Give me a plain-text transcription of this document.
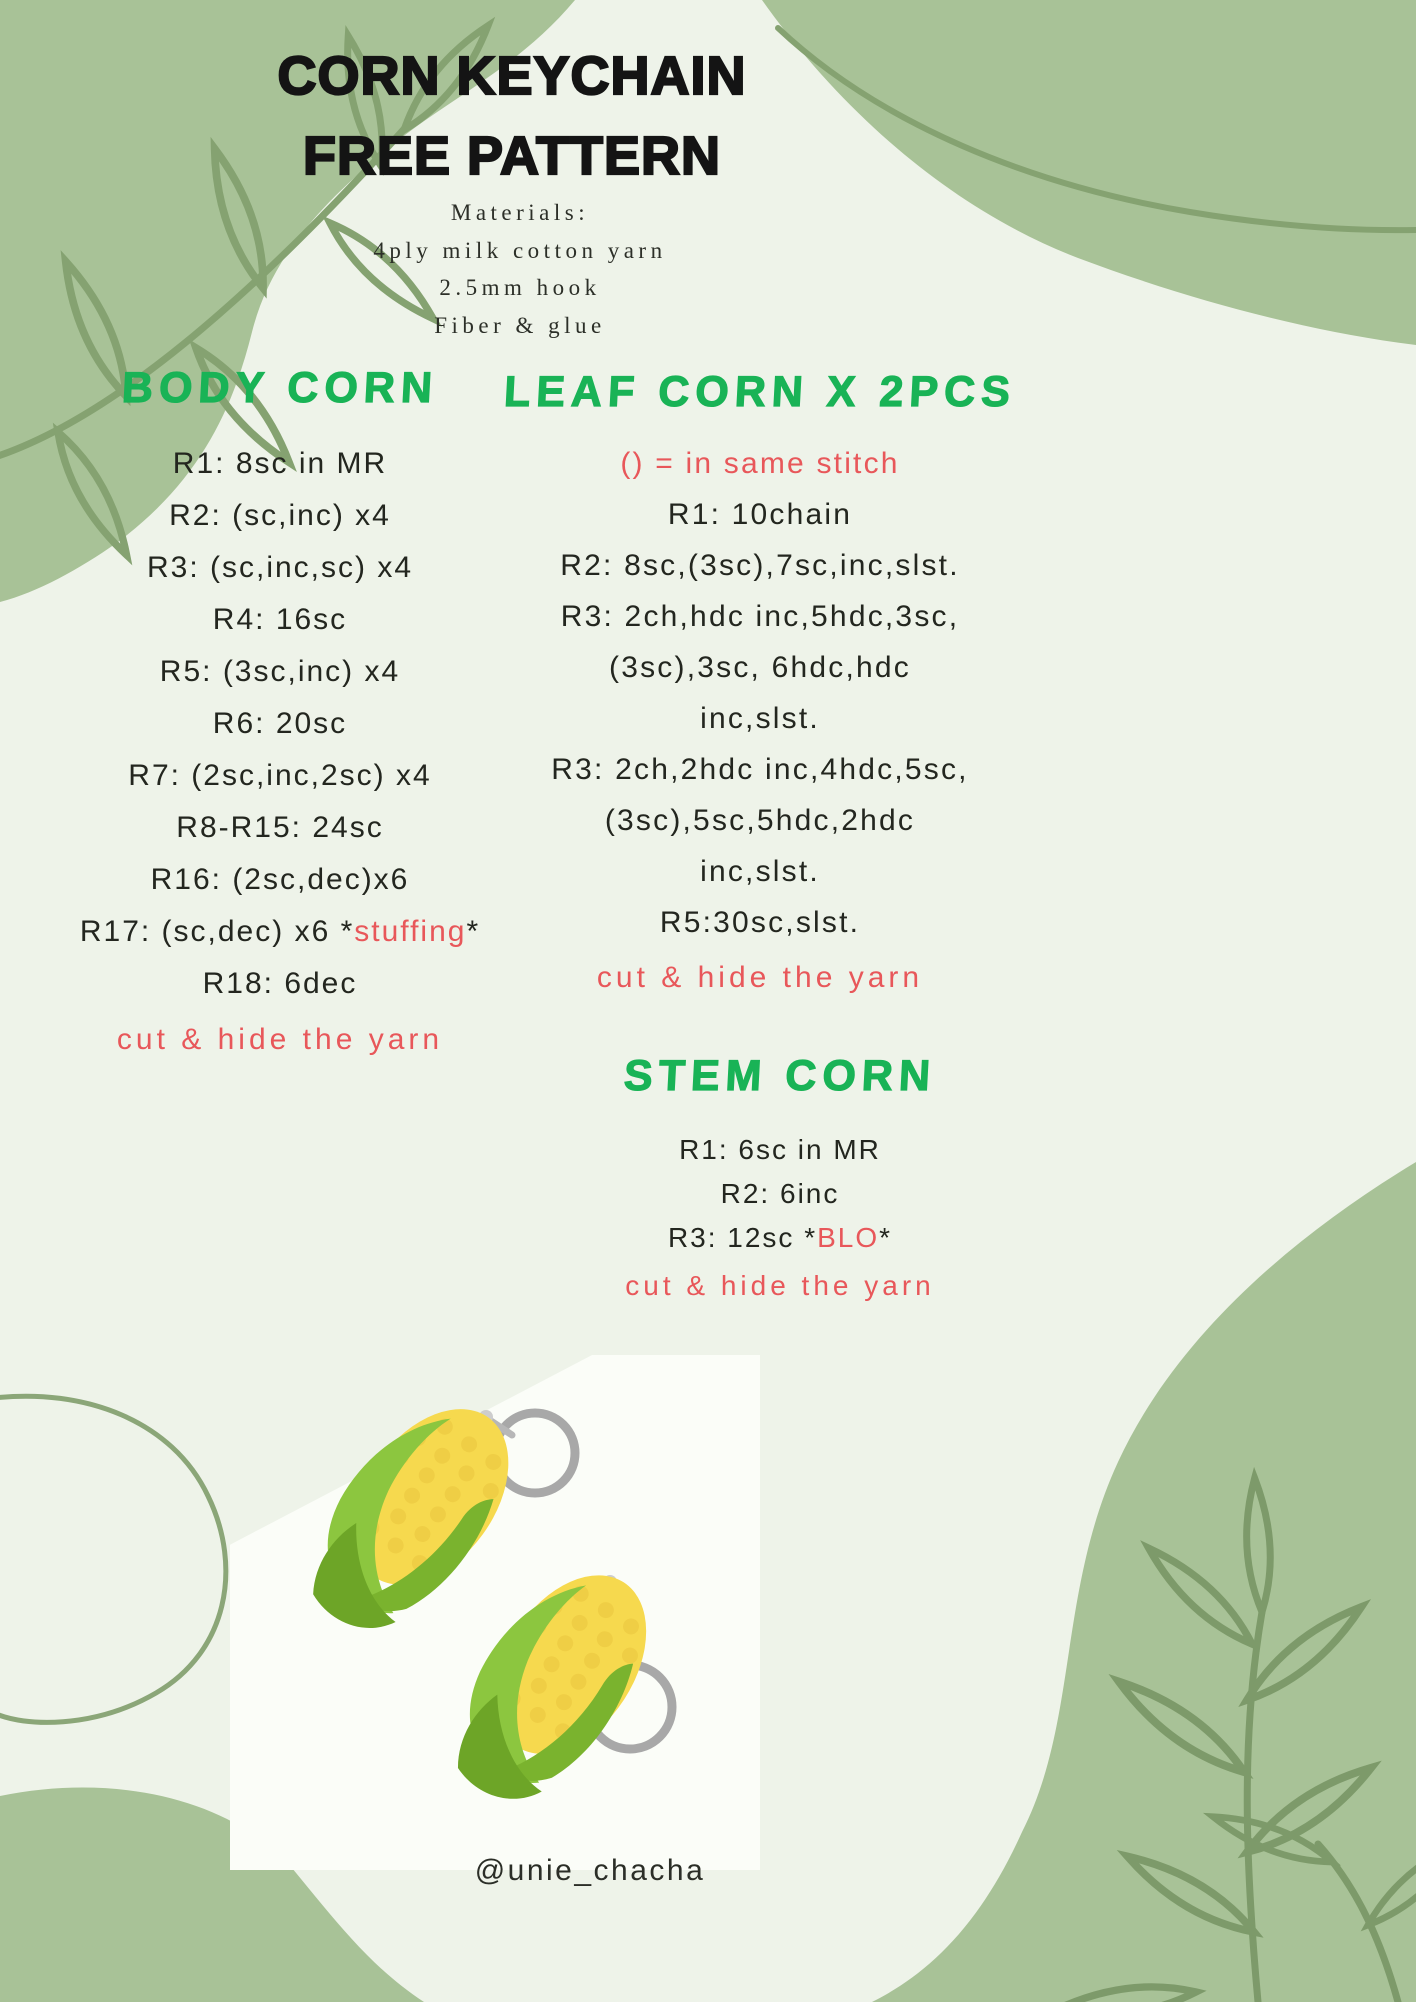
CORN KEYCHAIN
FREE PATTERN
Materials:
4ply milk cotton yarn
2.5mm hook
Fiber & glue
BODY CORN
R1: 8sc in MR
R2: (sc,inc) x4
R3: (sc,inc,sc) x4
R4: 16sc
R5: (3sc,inc) x4
R6: 20sc
R7: (2sc,inc,2sc) x4
R8-R15: 24sc
R16: (2sc,dec)x6
R17: (sc,dec) x6 *stuffing*
R18: 6dec
cut & hide the yarn
LEAF CORN X 2PCS
() = in same stitch
R1: 10chain
R2: 8sc,(3sc),7sc,inc,slst.
R3: 2ch,hdc inc,5hdc,3sc,
(3sc),3sc, 6hdc,hdc
inc,slst.
R3: 2ch,2hdc inc,4hdc,5sc,
(3sc),5sc,5hdc,2hdc
inc,slst.
R5:30sc,slst.
cut & hide the yarn
STEM CORN
R1: 6sc in MR
R2: 6inc
R3: 12sc *BLO*
cut & hide the yarn
@unie_chacha
